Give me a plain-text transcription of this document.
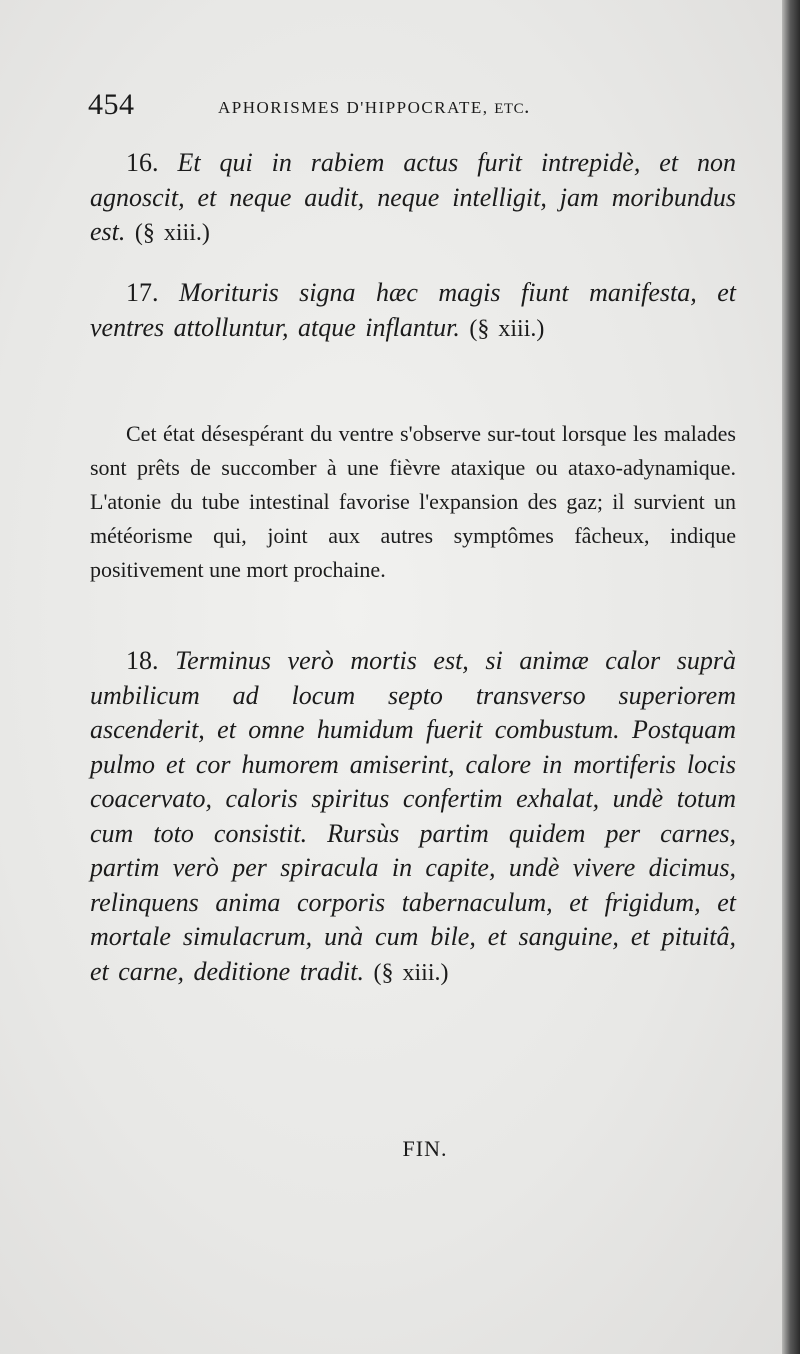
454	APHORISMES D'HIPPOCRATE, etc.

16. Et qui in rabiem actus furit intrepidè, et non agnoscit, et neque audit, neque intelligit, jam moribundus est. (§ xiii.)

17. Morituris signa hæc magis fiunt manifesta, et ventres attolluntur, atque inflantur. (§ xiii.)

Cet état désespérant du ventre s'observe sur-tout lorsque les malades sont prêts de succomber à une fièvre ataxique ou ataxo-adynamique. L'atonie du tube intestinal favorise l'expansion des gaz; il survient un météorisme qui, joint aux autres symptômes fâcheux, indique positivement une mort prochaine.

18. Terminus verò mortis est, si animæ calor suprà umbilicum ad locum septo transverso superiorem ascenderit, et omne humidum fuerit combustum. Postquam pulmo et cor humorem amiserint, calore in mortiferis locis coacervato, caloris spiritus confertim exhalat, undè totum cum toto consistit. Rursùs partim quidem per carnes, partim verò per spiracula in capite, undè vivere dicimus, relinquens anima corporis tabernaculum, et frigidum, et mortale simulacrum, unà cum bile, et sanguine, et pituitâ, et carne, deditione tradit. (§ xiii.)

FIN.
